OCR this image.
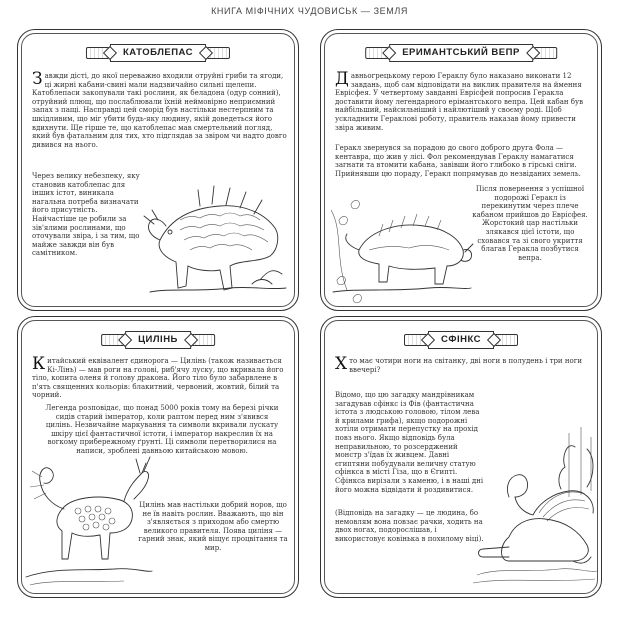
КНИГА МІФІЧНИХ ЧУДОВИСЬК — ЗЕМЛЯ
КАТОБЛЕПАС

Завжди дісті, до якої переважно входили отруйні гриби та ягоди, ці жирні кабани-свині мали надзвичайно сильні щелепи. Катоблепаси закопували такі рослини, як беладона (одур сонний), отруйний плющ, що послаблювали їхній неймовірно неприємний запах з пащі. Насправді цей сморід був настільки нестерпним та шкідливим, що міг убити будь-яку людину, якій доведеться його вдихнути. Ще гірше те, що катоблепас мав смертельний погляд, який був фатальним для тих, хто підглядав за звіром чи надто довго дивився на нього.

Через велику небезпеку, яку становив катоблепас для інших істот, виникала нагальна потреба визначати його присутність. Найчастіше це робили за зів'ялими рослинами, що оточували звіра, і за тим, що майже завжди він був самітником.

ЕРИМАНТСЬКИЙ ВЕПР

Давньогрецькому герою Гераклу було наказано виконати 12 завдань, щоб сам відповідати на виклик правителя на ймення Еврісфея. У четвертому завданні Еврісфей попросив Геракла доставити йому легендарного ерімантського вепра. Цей кабан був найбільший, найсильніший і найлютіший у своєму роді. Щоб ускладнити Гераклові роботу, правитель наказав йому привести звіра живим.

Геракл звернувся за порадою до свого доброго друга Фола — кентавра, що жив у лісі. Фол рекомендував Гераклу намагатися загнати та втомити кабана, завівши його глибоко в гірські сніги. Прийнявши цю пораду, Геракл попрямував до незвіданих земель.

Після повернення з успішної подорожі Геракл із перекинутим через плече кабаном прийшов до Еврісфея. Жорстокий цар настільки злякався цієї істоти, що сховався та зі свого укриття благав Геракла позбутися вепра.

ЦИЛІНЬ

Китайський еквівалент єдинорога — Цилінь (також називається Кі-Лінь) — мав роги на голові, риб'ячу луску, що вкривала його тіло, копита оленя й голову дракона. Його тіло було забарвлене в п'ять священних кольорів: блакитний, червоний, жовтий, білий та чорний.

Легенда розповідає, що понад 5000 років тому на березі річки сидів старий імператор, коли раптом перед ним з'явився цилінь. Незвичайне маркування та символи вкривали лускату шкіру цієї фантастичної істоти, і імператор накреслив їх на вогкому прибережному ґрунті. Ці символи перетворилися на написи, зроблені давньою китайською мовою.

Цилінь мав настільки добрий норов, що не їв навіть рослин. Вважають, що він з'являється з приходом або смертю великого правителя. Поява циліня — гарний знак, який віщує процвітання та мир.

СФІНКС

Хто має чотири ноги на світанку, дві ноги в полудень і три ноги ввечері?

Відомо, що цю загадку мандрівникам загадував сфінкс із Фів (фантастична істота з людською головою, тілом лева й крилами грифа), якщо подорожні хотіли отримати перепустку на прохід повз нього. Якщо відповідь була неправильною, то розсерджений монстр з'їдав їх живцем. Давні єгиптяни побудували величну статую сфінкса в місті Гіза, що в Єгипті. Сфінкса вирізали з каменю, і в наші дні його можна відвідати й роздивитися.

(Відповідь на загадку — це людина, бо немовлям вона повзає рачки, ходить на двох ногах, подорослішав, і використовує ковінька в похилому віці).
